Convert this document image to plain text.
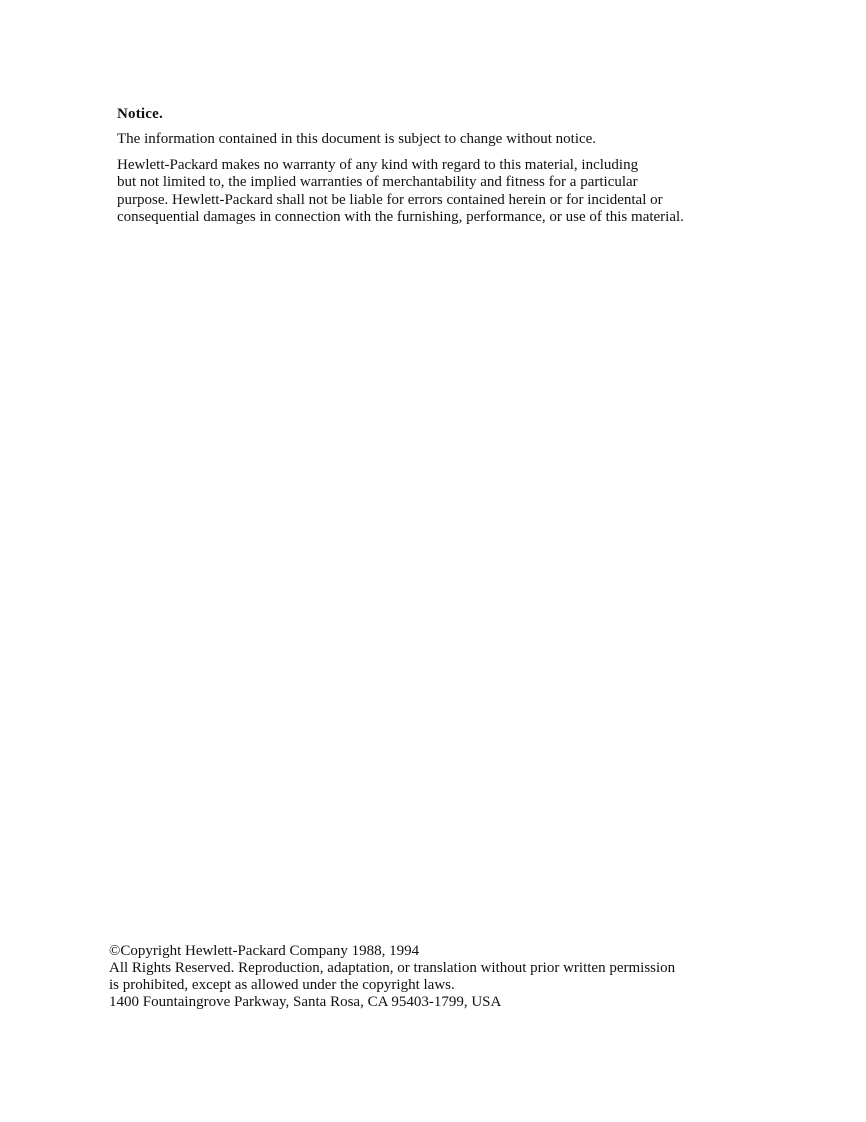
Notice.

The information contained in this document is subject to change without notice.

Hewlett-Packard makes no warranty of any kind with regard to this material, including
but not limited to, the implied warranties of merchantability and fitness for a particular
purpose. Hewlett-Packard shall not be liable for errors contained herein or for incidental or
consequential damages in connection with the furnishing, performance, or use of this material.

©Copyright Hewlett-Packard Company 1988, 1994
All Rights Reserved. Reproduction, adaptation, or translation without prior written permission
is prohibited, except as allowed under the copyright laws.
1400 Fountaingrove Parkway, Santa Rosa, CA 95403-1799, USA
